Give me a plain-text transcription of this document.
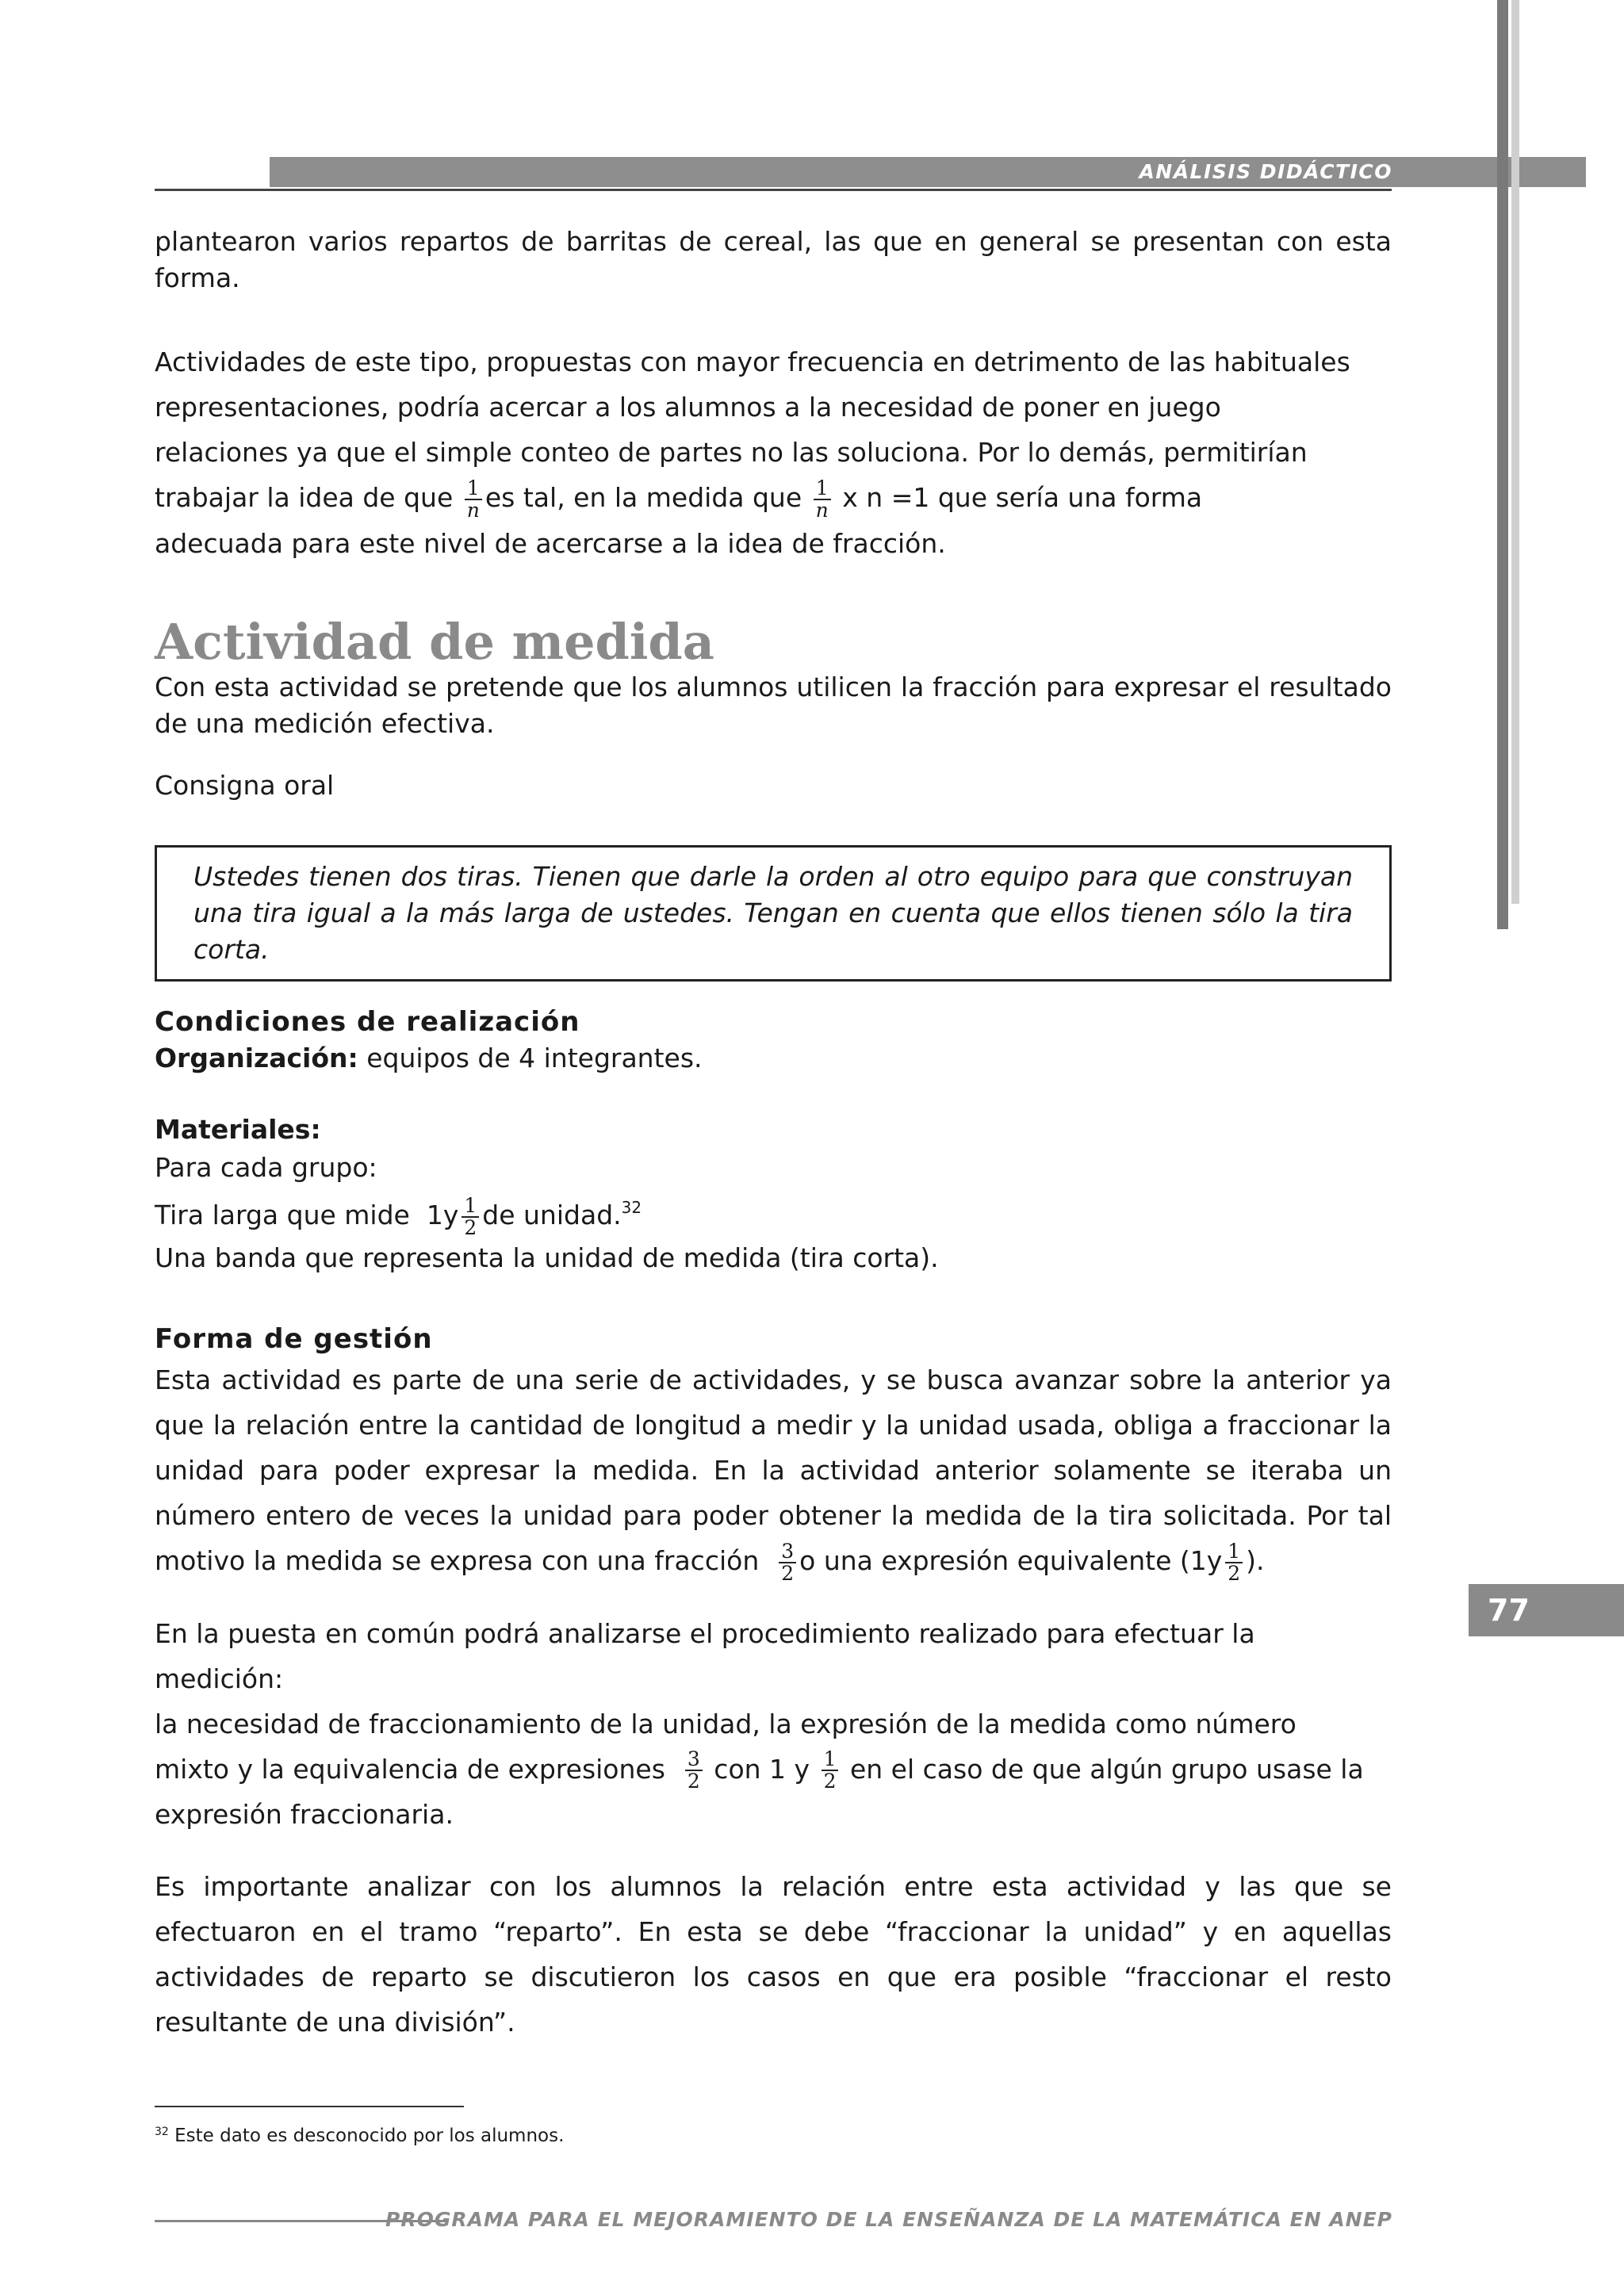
ANÁLISIS DIDÁCTICO
77

plantearon varios repartos de barritas de cereal, las que en general se presentan con esta forma.

Actividades de este tipo, propuestas con mayor frecuencia en detrimento de las habituales
representaciones, podría acercar a los alumnos a la necesidad de poner en juego
relaciones ya que el simple conteo de partes no las soluciona. Por lo demás, permitirían
trabajar la idea de que $\frac{1}{n}$ es tal, en la medida que $\frac{1}{n}$ x n =1 que sería una forma
adecuada para este nivel de acercarse a la idea de fracción.

Actividad de medida

Con esta actividad se pretende que los alumnos utilicen la fracción para expresar el resultado de una medición efectiva.

Consigna oral

Ustedes tienen dos tiras. Tienen que darle la orden al otro equipo para que construyan una tira igual a la más larga de ustedes. Tengan en cuenta que ellos tienen sólo la tira corta.
Condiciones de realización

Organización: equipos de 4 integrantes.

Materiales:

Para cada grupo:

Tira larga que mide $1y \frac{1}{2}$ de unidad.$^{32}$

Una banda que representa la unidad de medida (tira corta).

Forma de gestión

Esta actividad es parte de una serie de actividades, y se busca avanzar sobre la anterior ya que la relación entre la cantidad de longitud a medir y la unidad usada, obliga a fraccionar la unidad para poder expresar la medida. En la actividad anterior solamente se iteraba un número entero de veces la unidad para poder obtener la medida de la tira solicitada. Por tal motivo la medida se expresa con una fracción $\frac{3}{2}$ o una expresión equivalente ($1y \frac{1}{2}$ ).

En la puesta en común podrá analizarse el procedimiento realizado para efectuar la medición:
la necesidad de fraccionamiento de la unidad, la expresión de la medida como número
mixto y la equivalencia de expresiones $\frac{3}{2}$ con 1 y $\frac{1}{2}$ en el caso de que algún grupo usase la
expresión fraccionaria.

Es importante analizar con los alumnos la relación entre esta actividad y las que se efectuaron en el tramo “reparto”. En esta se debe “fraccionar la unidad” y en aquellas actividades de reparto se discutieron los casos en que era posible “fraccionar el resto resultante de una división”.

$^{32}$ Este dato es desconocido por los alumnos.
PROGRAMA PARA EL MEJORAMIENTO DE LA ENSEÑANZA DE LA MATEMÁTICA EN ANEP
